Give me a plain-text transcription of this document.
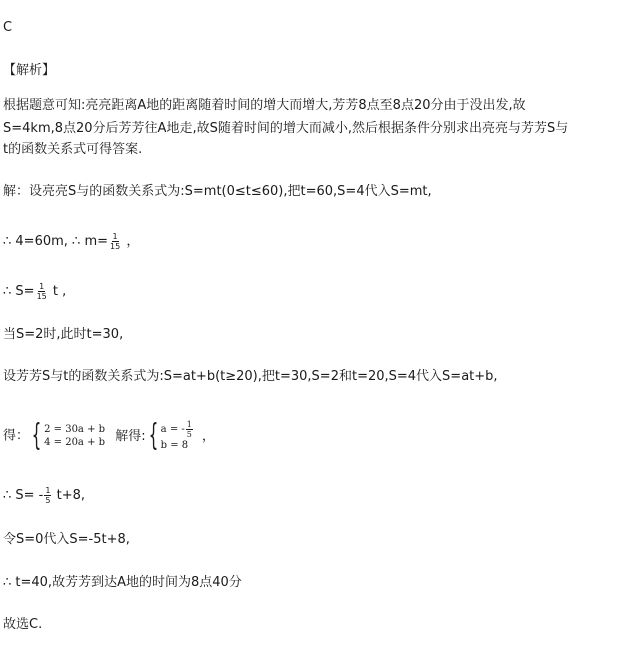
C
【解析】
根据题意可知:亮亮距离A地的距离随着时间的增大而增大,芳芳8点至8点20分由于没出发,故
S=4km,8点20分后芳芳往A地走,故S随着时间的增大而减小,然后根据条件分别求出亮亮与芳芳S与
t的函数关系式可得答案.
解：设亮亮S与的函数关系式为:S=mt(0≤t≤60),把t=60,S=4代入S=mt,
∴ 4=60m, ∴ $m= \frac{1}{15}$ ，
∴ $S= \frac{1}{15}$ t ,
当S=2时,此时t=30,
设芳芳S与t的函数关系式为:S=at+b(t≥20),把t=30,S=2和t=20,S=4代入S=at+b,
得：{ 2 = 30a + b
4 = 20a + b 解得:{ a = - $\frac{1}{5}$
b = 8
，
∴ $S= - \frac{1}{5} t+8$,
令S=0代入S=-5t+8,
∴ t=40,故芳芳到达A地的时间为8点40分
故选C.
